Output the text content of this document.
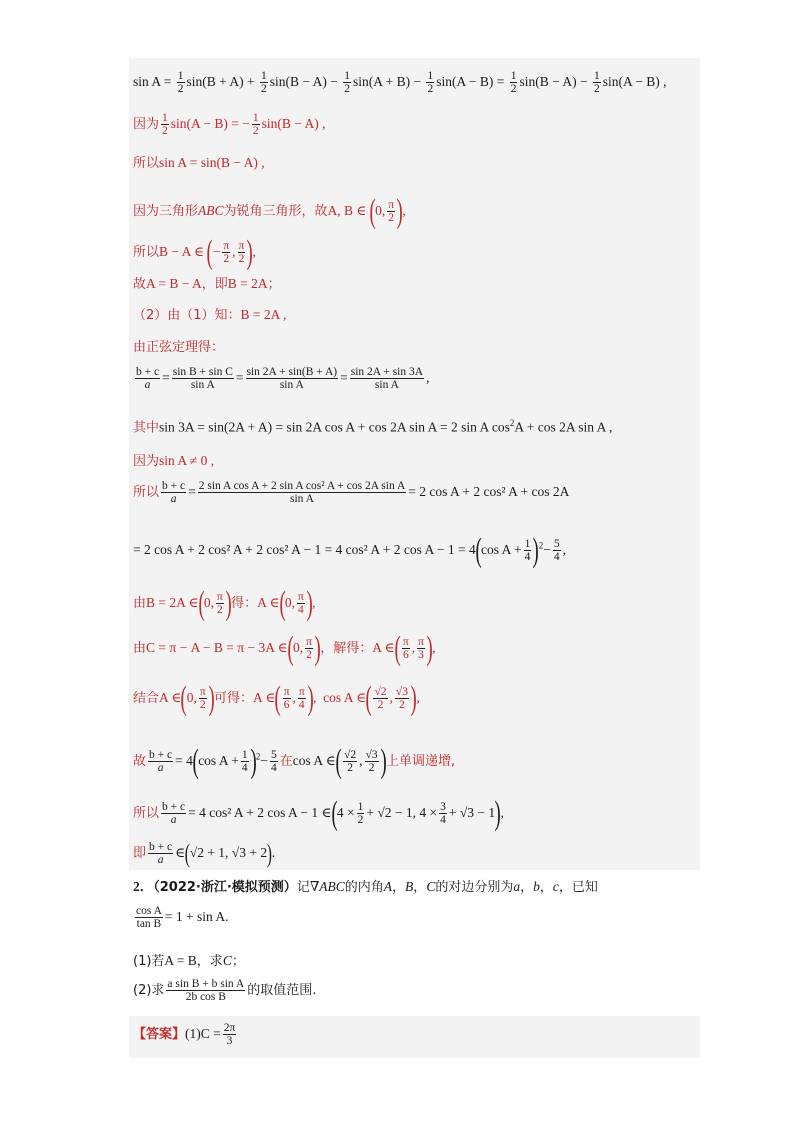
$\sin A = \frac{1}{2} \sin(B + A) + \frac{1}{2} \sin(B - A) - \frac{1}{2} \sin(A + B) - \frac{1}{2} \sin(A - B) = \frac{1}{2} \sin(B - A) - \frac{1}{2} \sin(A - B)$ ,
因为 $\frac{1}{2} \sin(A - B)$ = − $\frac{1}{2} \sin(B - A)$ ,
所以sin A = sin(B − A) ,
因为三角形ABC为锐角三角形，故A, B ∈ (0, $\frac{\pi}{2}$ ),
所以B − A ∈ (− $\frac{\pi}{2}$ , $\frac{\pi}{2}$ ),
故A = B − A，即B = 2A；
（2）由（1）知：B = 2A ,
由正弦定理得：
$\frac{b + c}{a} = \frac{\text{sin B + sin C}}{\text{sin A}} = \frac{\sin 2A + \sin(B + A)}{\text{sin A}} = \frac{\sin 2A + \sin 3A}{\text{sin A}}$ ,
其中sin 3A = sin(2A + A) = sin 2A cos A + cos 2A sin A = 2 sin A $\cos^2A + \cos 2A$ sin A ,
因为sin A ≠ 0 ,
所以 $\frac{b + c}{a} = \frac{\text{2 sin A cos A + 2 sin A cos² A + cos 2A sin A}}{\text{sin A}} = 2$ cos A + 2 cos² A + cos 2A
= 2 cos A + 2 cos² A + 2 cos² A − 1 = 4 cos² A + 2 cos A − 1 = 4(cos $A + \frac{1}{4} )^2- \frac{5}{4}$ ,
由B = 2A ∈(0, $\frac{\pi}{2}$ )得：A ∈(0, $\frac{\pi}{4}$ ),
由C = π − A − B = π − 3A ∈(0, $\frac{\pi}{2}$ )，解得：A ∈( $\frac{\pi}{6}$ , $\frac{\pi}{3}$ ),
结合A ∈(0, $\frac{\pi}{2}$ )可得：A ∈( $\frac{\pi}{6}$ , $\frac{\pi}{4}$ ),  cos A ∈( $\frac{√2}{2}$ , $\frac{√3}{2}$ ),
故 $\frac{b + c}{a} = 4(\cos$ $A + \frac{1}{4} )^2- \frac{5}{4}$ 在cos A ∈( $\frac{√2}{2}$ , $\frac{√3}{2}$ )上单调递增,
所以 $\frac{b + c}{a} = 4$ cos² A + 2 cos A − 1 ∈(4 × $\frac{1}{2} + √2 - 1$, $4 \times \frac{3}{4} + √3 - 1$),
即 $\frac{b + c}{a}$ ∈(√2 + 1, √3 + 2).
2．（2022·浙江·模拟预测）记∇ABC的内角A，B，C的对边分别为a，b，c，已知
$\frac{\text{cos A}}{\text{tan B}} = 1 + \sin A$.
(1)若A = B，求C；
(2)求 $\frac{\text{a sin B + b sin A}}{\text{2b cos B}}$ 的取值范围.
【答案】$(1)C = \frac{2\pi}{3}$
